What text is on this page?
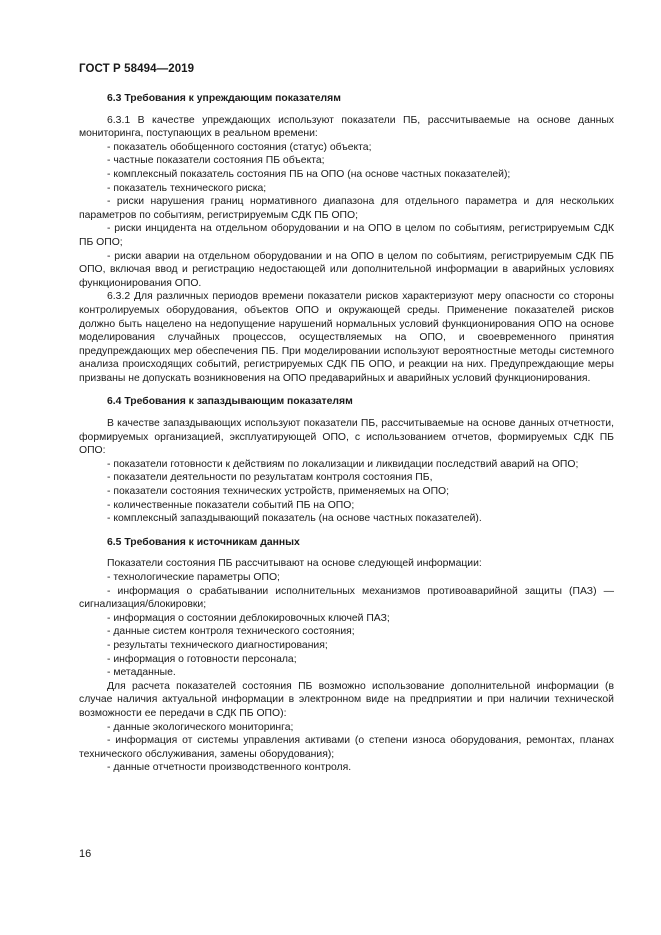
ГОСТ Р 58494—2019

6.3 Требования к упреждающим показателям

6.3.1 В качестве упреждающих используют показатели ПБ, рассчитываемые на основе данных мониторинга, поступающих в реальном времени:

- показатель обобщенного состояния (статус) объекта;

- частные показатели состояния ПБ объекта;

- комплексный показатель состояния ПБ на ОПО (на основе частных показателей);

- показатель технического риска;

- риски нарушения границ нормативного диапазона для отдельного параметра и для нескольких параметров по событиям, регистрируемым СДК ПБ ОПО;

- риски инцидента на отдельном оборудовании и на ОПО в целом по событиям, регистрируемым СДК ПБ ОПО;

- риски аварии на отдельном оборудовании и на ОПО в целом по событиям, регистрируемым СДК ПБ ОПО, включая ввод и регистрацию недостающей или дополнительной информации в аварийных условиях функционирования ОПО.

6.3.2 Для различных периодов времени показатели рисков характеризуют меру опасности со стороны контролируемых оборудования, объектов ОПО и окружающей среды. Применение показателей рисков должно быть нацелено на недопущение нарушений нормальных условий функционирования ОПО на основе моделирования случайных процессов, осуществляемых на ОПО, и своевременного принятия предупреждающих мер обеспечения ПБ. При моделировании используют вероятностные методы системного анализа происходящих событий, регистрируемых СДК ПБ ОПО, и реакции на них. Предупреждающие меры призваны не допускать возникновения на ОПО предаварийных и аварийных условий функционирования.

6.4 Требования к запаздывающим показателям

В качестве запаздывающих используют показатели ПБ, рассчитываемые на основе данных отчетности, формируемых организацией, эксплуатирующей ОПО, с использованием отчетов, формируемых СДК ПБ ОПО:

- показатели готовности к действиям по локализации и ликвидации последствий аварий на ОПО;

- показатели деятельности по результатам контроля состояния ПБ,

- показатели состояния технических устройств, применяемых на ОПО;

- количественные показатели событий ПБ на ОПО;

- комплексный запаздывающий показатель (на основе частных показателей).

6.5 Требования к источникам данных

Показатели состояния ПБ рассчитывают на основе следующей информации:

- технологические параметры ОПО;

- информация о срабатывании исполнительных механизмов противоаварийной защиты (ПАЗ) — сигнализация/блокировки;

- информация о состоянии деблокировочных ключей ПАЗ;

- данные систем контроля технического состояния;

- результаты технического диагностирования;

- информация о готовности персонала;

- метаданные.

Для расчета показателей состояния ПБ возможно использование дополнительной информации (в случае наличия актуальной информации в электронном виде на предприятии и при наличии технической возможности ее передачи в СДК ПБ ОПО):

- данные экологического мониторинга;

- информация от системы управления активами (о степени износа оборудования, ремонтах, планах технического обслуживания, замены оборудования);

- данные отчетности производственного контроля.

16
